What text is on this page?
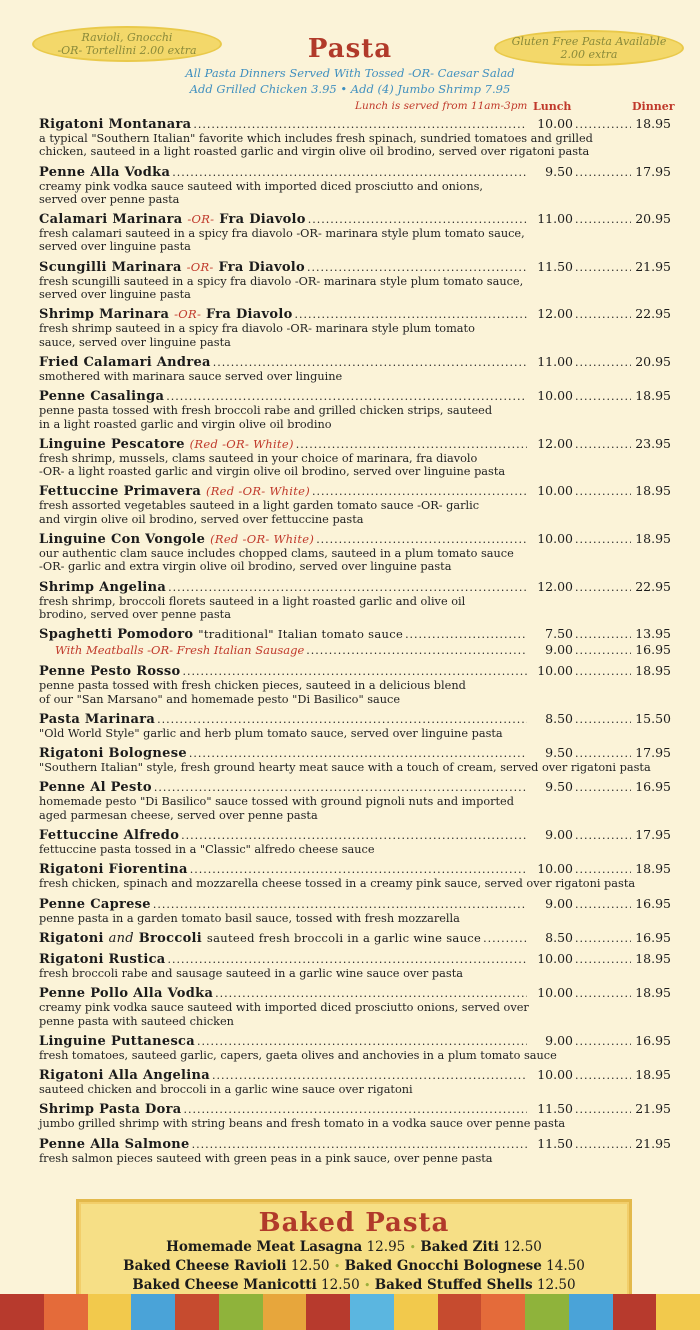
Ravioli, Gnocchi
-OR- Tortellini 2.00 extra
Gluten Free Pasta Available
2.00 extra
Pasta
All Pasta Dinners Served With Tossed -OR- Caesar Salad
Add Grilled Chicken 3.95 • Add (4) Jumbo Shrimp 7.95
Lunch is served from 11am-3pm Lunch	Dinner
Rigatoni Montanara .....	10.00 .....	18.95
a typical "Southern Italian" favorite which includes fresh spinach, sundried tomatoes and grilled
chicken, sauteed in a light roasted garlic and virgin olive oil brodino, served over rigatoni pasta
Penne Alla Vodka .....	9.50 .....	17.95
creamy pink vodka sauce sauteed with imported diced prosciutto and onions,
served over penne pasta
Calamari Marinara -OR- Fra Diavolo .....	11.00 .....	20.95
fresh calamari sauteed in a spicy fra diavolo -OR- marinara style plum tomato sauce,
served over linguine pasta
Scungilli Marinara -OR- Fra Diavolo .....	11.50 .....	21.95
fresh scungilli sauteed in a spicy fra diavolo -OR- marinara style plum tomato sauce,
served over linguine pasta
Shrimp Marinara -OR- Fra Diavolo .....	12.00 .....	22.95
fresh shrimp sauteed in a spicy fra diavolo -OR- marinara style plum tomato
sauce, served over linguine pasta
Fried Calamari Andrea .....	11.00 .....	20.95
smothered with marinara sauce served over linguine
Penne Casalinga .....	10.00 .....	18.95
penne pasta tossed with fresh broccoli rabe and grilled chicken strips, sauteed
in a light roasted garlic and virgin olive oil brodino
Linguine Pescatore (Red -OR- White) .....	12.00 .....	23.95
fresh shrimp, mussels, clams sauteed in your choice of marinara, fra diavolo
-OR- a light roasted garlic and virgin olive oil brodino, served over linguine pasta
Fettuccine Primavera (Red -OR- White) .....	10.00 .....	18.95
fresh assorted vegetables sauteed in a light garden tomato sauce -OR- garlic
and virgin olive oil brodino, served over fettuccine pasta
Linguine Con Vongole (Red -OR- White) .....	10.00 .....	18.95
our authentic clam sauce includes chopped clams, sauteed in a plum tomato sauce
-OR- garlic and extra virgin olive oil brodino, served over linguine pasta
Shrimp Angelina .....	12.00 .....	22.95
fresh shrimp, broccoli florets sauteed in a light roasted garlic and olive oil
brodino, served over penne pasta
Spaghetti Pomodoro "traditional" Italian tomato sauce .....	7.50 .....	13.95
With Meatballs -OR- Fresh Italian Sausage .....	9.00 .....	16.95
Penne Pesto Rosso .....	10.00 .....	18.95
penne pasta tossed with fresh chicken pieces, sauteed in a delicious blend
of our "San Marsano" and homemade pesto "Di Basilico" sauce
Pasta Marinara .....	8.50 .....	15.50
"Old World Style" garlic and herb plum tomato sauce, served over linguine pasta
Rigatoni Bolognese .....	9.50 .....	17.95
"Southern Italian" style, fresh ground hearty meat sauce with a touch of cream, served over rigatoni pasta
Penne Al Pesto .....	9.50 .....	16.95
homemade pesto "Di Basilico" sauce tossed with ground pignoli nuts and imported
aged parmesan cheese, served over penne pasta
Fettuccine Alfredo .....	9.00 .....	17.95
fettuccine pasta tossed in a "Classic" alfredo cheese sauce
Rigatoni Fiorentina .....	10.00 .....	18.95
fresh chicken, spinach and mozzarella cheese tossed in a creamy pink sauce, served over rigatoni pasta
Penne Caprese .....	9.00 .....	16.95
penne pasta in a garden tomato basil sauce, tossed with fresh mozzarella
Rigatoni and Broccoli sauteed fresh broccoli in a garlic wine sauce .....	8.50 .....	16.95
Rigatoni Rustica .....	10.00 .....	18.95
fresh broccoli rabe and sausage sauteed in a garlic wine sauce over pasta
Penne Pollo Alla Vodka .....	10.00 .....	18.95
creamy pink vodka sauce sauteed with imported diced prosciutto onions, served over
penne pasta with sauteed chicken
Linguine Puttanesca .....	9.00 .....	16.95
fresh tomatoes, sauteed garlic, capers, gaeta olives and anchovies in a plum tomato sauce
Rigatoni Alla Angelina .....	10.00 .....	18.95
sauteed chicken and broccoli in a garlic wine sauce over rigatoni
Shrimp Pasta Dora .....	11.50 .....	21.95
jumbo grilled shrimp with string beans and fresh tomato in a vodka sauce over penne pasta
Penne Alla Salmone .....	11.50 .....	21.95
fresh salmon pieces sauteed with green peas in a pink sauce, over penne pasta
Baked Pasta
Homemade Meat Lasagna 12.95 • Baked Ziti 12.50
Baked Cheese Ravioli 12.50 • Baked Gnocchi Bolognese 14.50
Baked Cheese Manicotti 12.50 • Baked Stuffed Shells 12.50
